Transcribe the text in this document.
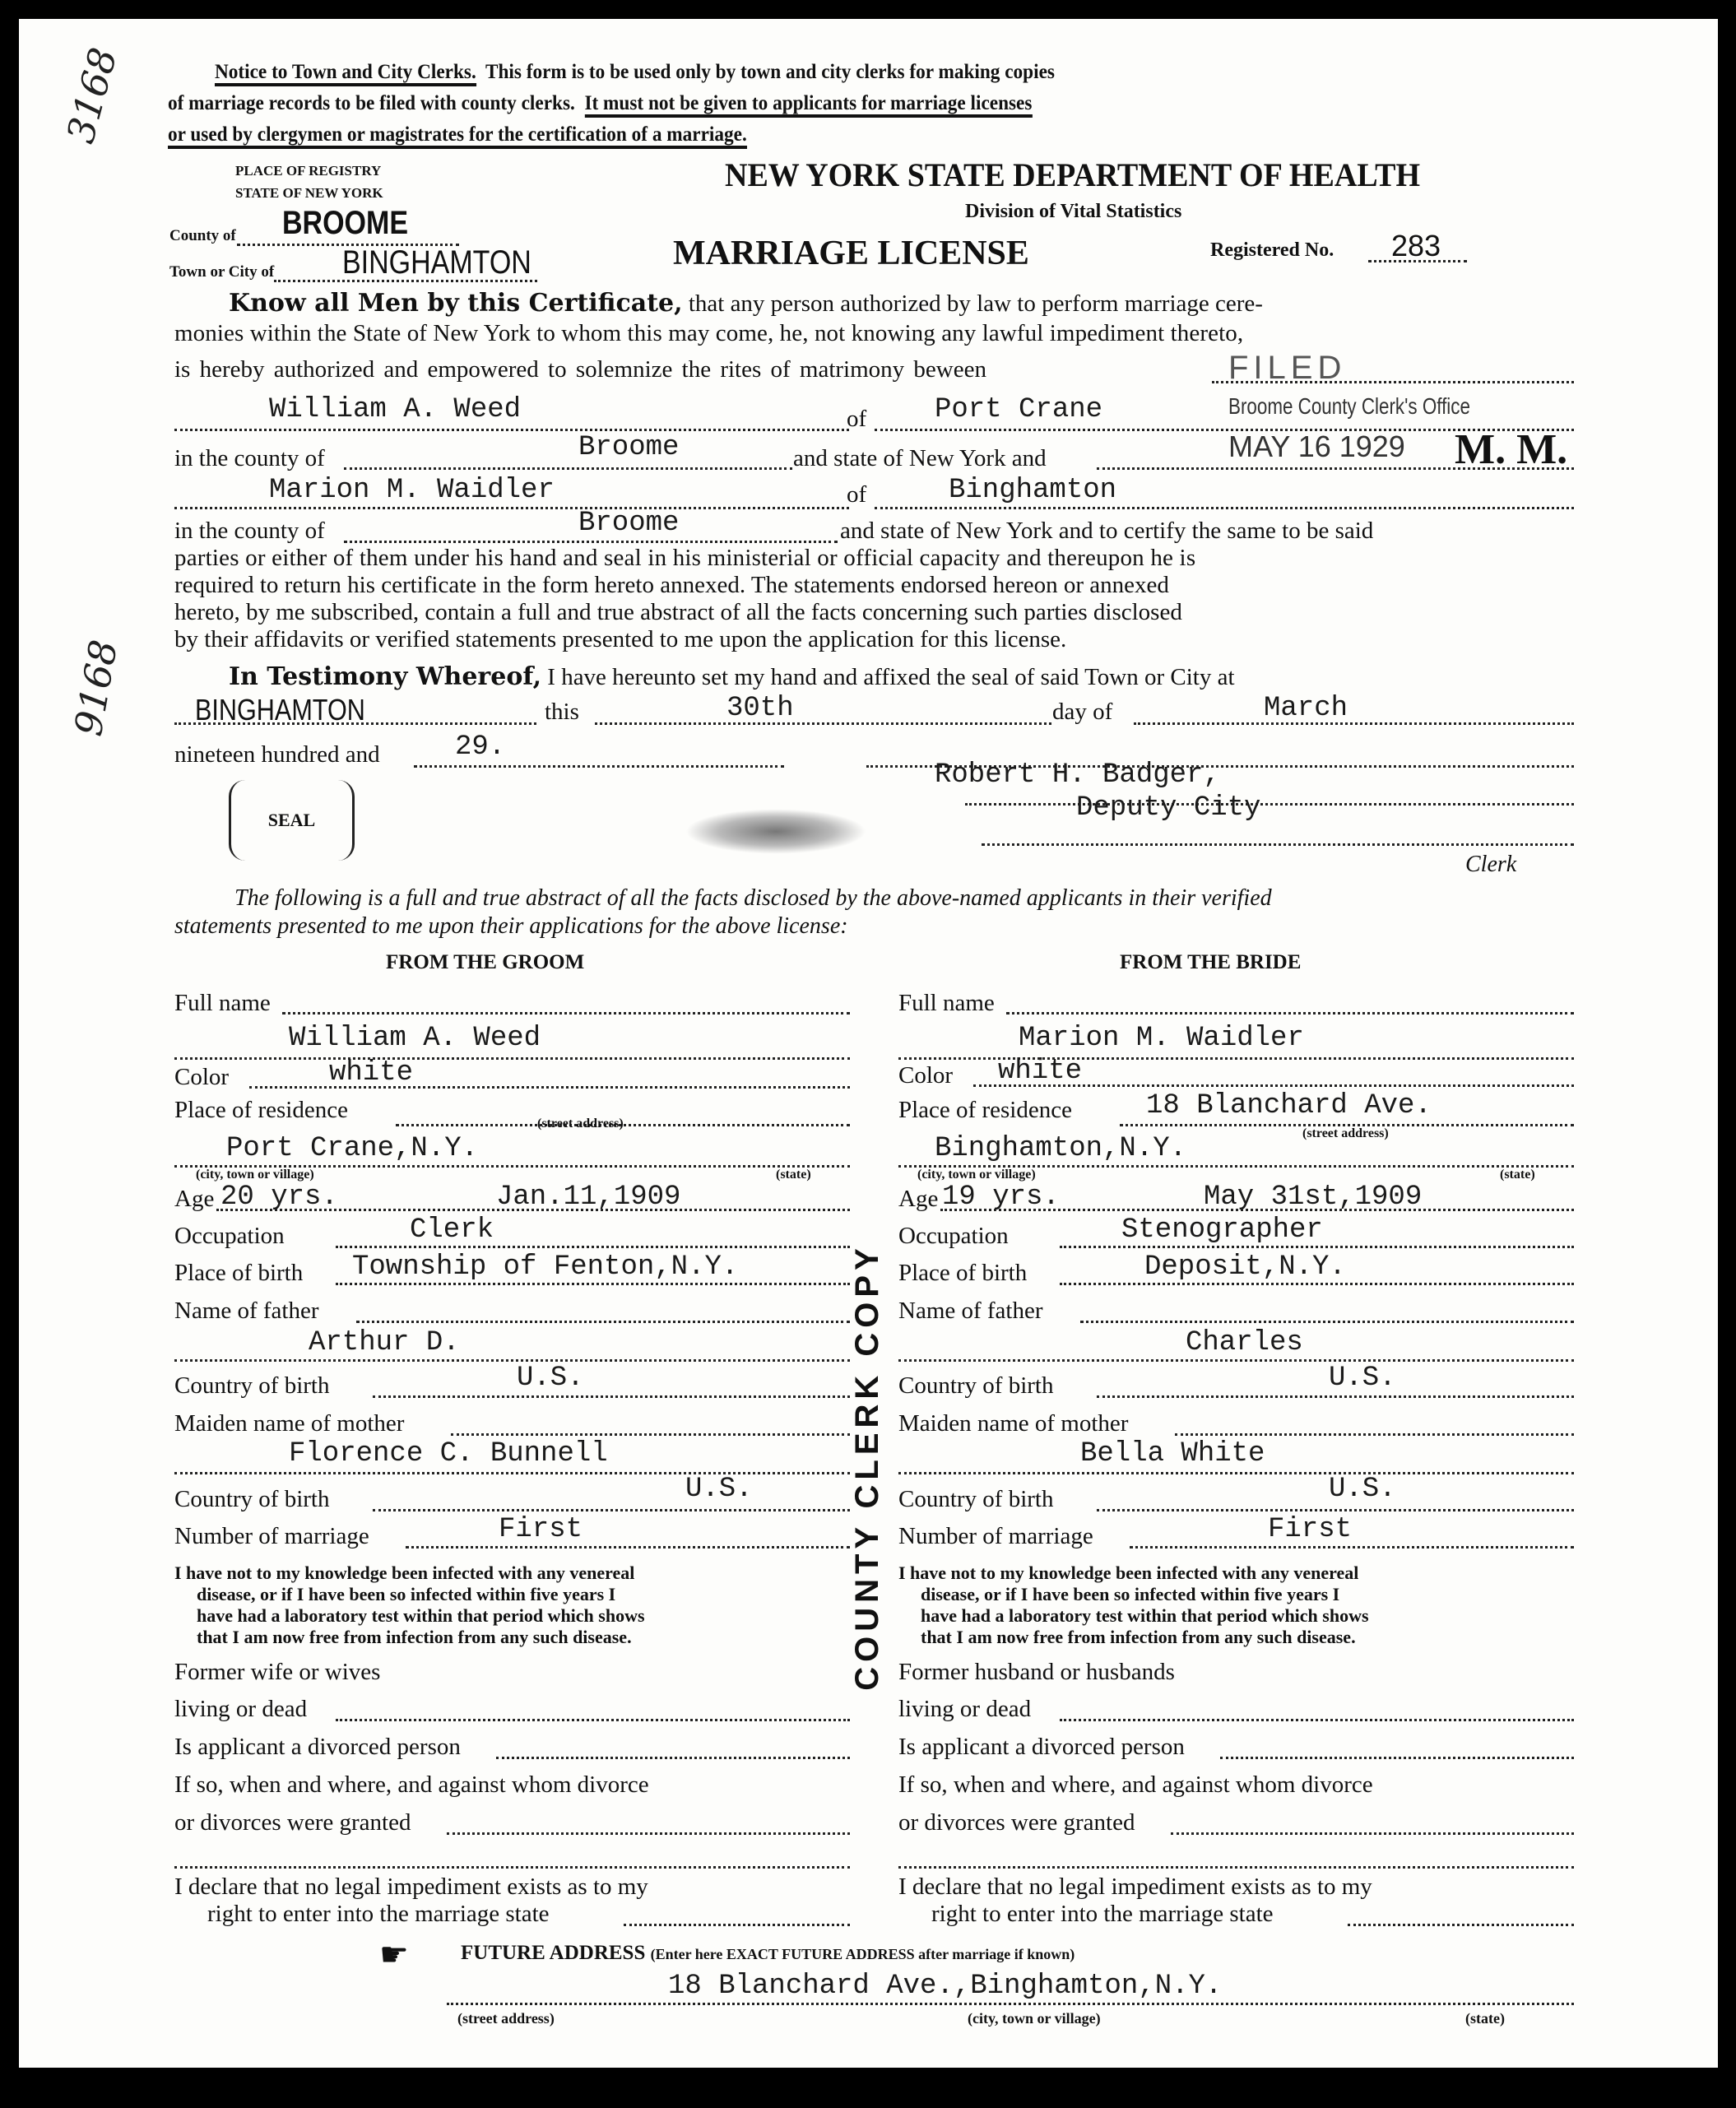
Notice to Town and City Clerks. This form is to be used only by town and city clerks for making copies
of marriage records to be filed with county clerks. It must not be given to applicants for marriage licenses
or used by clergymen or magistrates for the certification of a marriage.
3168
9168
PLACE OF REGISTRY
STATE OF NEW YORK
County of BROOME
Town or City of BINGHAMTON
NEW YORK STATE DEPARTMENT OF HEALTH
Division of Vital Statistics
MARRIAGE LICENSE	Registered No. 283
FILED
Broome County Clerk's Office
MAY 16 1929 M. M.
Know all Men by this Certificate, that any person authorized by law to perform marriage cere-
monies within the State of New York to whom this may come, he, not knowing any lawful impediment thereto,
is hereby authorized and empowered to solemnize the rites of matrimony beween
William A. Weed	of Port Crane
in the county of	Broome	and state of New York and
Marion M. Waidler	of	Binghamton
in the county of	Broome	and state of New York and to certify the same to be said
parties or either of them under his hand and seal in his ministerial or official capacity and thereupon he is
required to return his certificate in the form hereto annexed. The statements endorsed hereon or annexed
hereto, by me subscribed, contain a full and true abstract of all the facts concerning such parties disclosed
by their affidavits or verified statements presented to me upon the application for this license.
In Testimony Whereof, I have hereunto set my hand and affixed the seal of said Town or City at
BINGHAMTON	this	30th	day of	March
nineteen hundred and	29.
Robert H. Badger,
Deputy City
Clerk
SEAL
The following is a full and true abstract of all the facts disclosed by the above-named applicants in their verified
statements presented to me upon their applications for the above license:
FROM THE GROOM	FROM THE BRIDE
COUNTY CLERK COPY
Full name
William A. Weed
Color	white
Place of residence
(street address)
Port Crane,N.Y.
(city, town or village)	(state)
Age 20 yrs.	Jan.11,1909
Occupation	Clerk
Place of birth Township of Fenton,N.Y.
Name of father
Arthur D.
Country of birth	U.S.
Maiden name of mother
Florence C. Bunnell
Country of birth	U.S.
Number of marriage	First
I have not to my knowledge been infected with any venereal
disease, or if I have been so infected within five years I
have had a laboratory test within that period which shows
that I am now free from infection from any such disease.
Former wife or wives
living or dead
Is applicant a divorced person
If so, when and where, and against whom divorce
or divorces were granted
I declare that no legal impediment exists as to my
right to enter into the marriage state
Full name
Marion M. Waidler
Color white
Place of residence	18 Blanchard Ave.
(street address)
Binghamton,N.Y.
(city, town or village)	(state)
Age 19 yrs.	May 31st,1909
Occupation	Stenographer
Place of birth	Deposit,N.Y.
Name of father
Charles
Country of birth	U.S.
Maiden name of mother
Bella White
Country of birth	U.S.
Number of marriage	First
I have not to my knowledge been infected with any venereal
disease, or if I have been so infected within five years I
have had a laboratory test within that period which shows
that I am now free from infection from any such disease.
Former husband or husbands
living or dead
Is applicant a divorced person
If so, when and where, and against whom divorce
or divorces were granted
I declare that no legal impediment exists as to my
right to enter into the marriage state
☛	FUTURE ADDRESS (Enter here EXACT FUTURE ADDRESS after marriage if known)
18 Blanchard Ave.,Binghamton,N.Y.
(street address)	(city, town or village)	(state)
